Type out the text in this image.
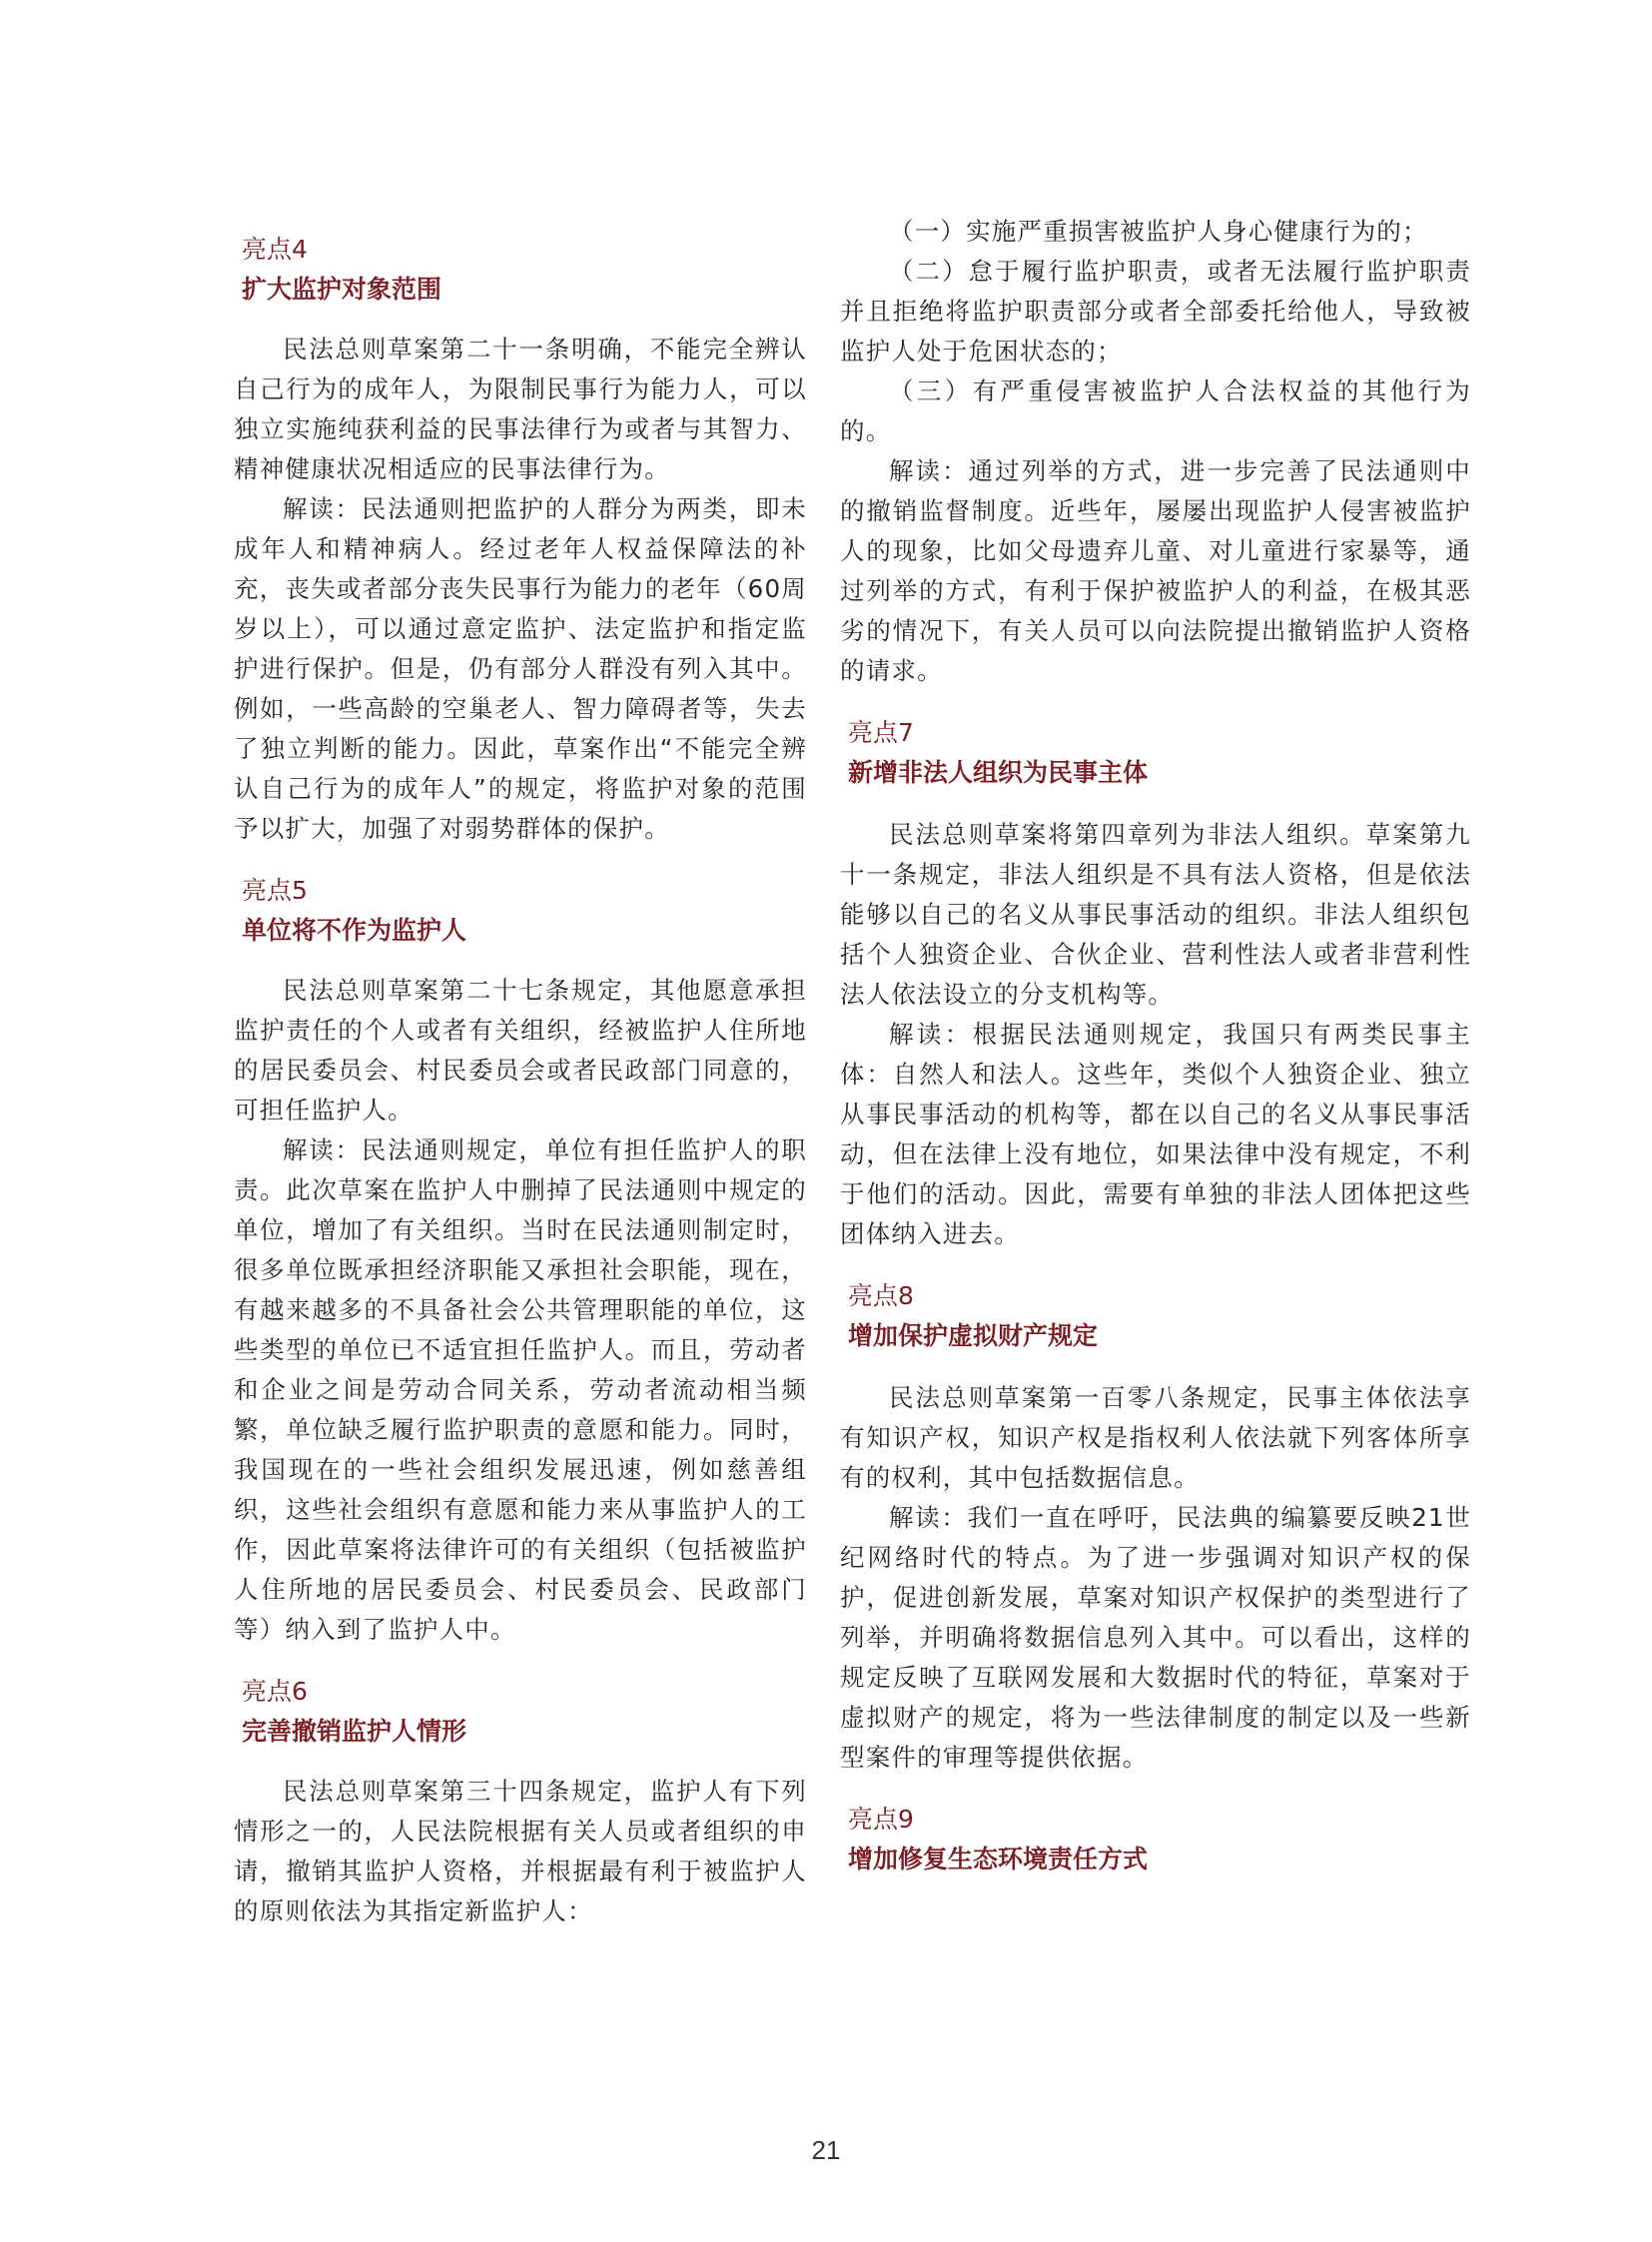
亮点4
扩大监护对象范围

民法总则草案第二十一条明确，不能完全辨认自己行为的成年人，为限制民事行为能力人，可以独立实施纯获利益的民事法律行为或者与其智力、精神健康状况相适应的民事法律行为。

解读：民法通则把监护的人群分为两类，即未成年人和精神病人。经过老年人权益保障法的补充，丧失或者部分丧失民事行为能力的老年（60周岁以上），可以通过意定监护、法定监护和指定监护进行保护。但是，仍有部分人群没有列入其中。例如，一些高龄的空巢老人、智力障碍者等，失去了独立判断的能力。因此，草案作出“不能完全辨认自己行为的成年人”的规定，将监护对象的范围予以扩大，加强了对弱势群体的保护。

亮点5
单位将不作为监护人

民法总则草案第二十七条规定，其他愿意承担监护责任的个人或者有关组织，经被监护人住所地的居民委员会、村民委员会或者民政部门同意的，可担任监护人。

解读：民法通则规定，单位有担任监护人的职责。此次草案在监护人中删掉了民法通则中规定的单位，增加了有关组织。当时在民法通则制定时，很多单位既承担经济职能又承担社会职能，现在，有越来越多的不具备社会公共管理职能的单位，这些类型的单位已不适宜担任监护人。而且，劳动者和企业之间是劳动合同关系，劳动者流动相当频繁，单位缺乏履行监护职责的意愿和能力。同时，我国现在的一些社会组织发展迅速，例如慈善组织，这些社会组织有意愿和能力来从事监护人的工作，因此草案将法律许可的有关组织（包括被监护人住所地的居民委员会、村民委员会、民政部门等）纳入到了监护人中。

亮点6
完善撤销监护人情形

民法总则草案第三十四条规定，监护人有下列情形之一的，人民法院根据有关人员或者组织的申请，撤销其监护人资格，并根据最有利于被监护人的原则依法为其指定新监护人：

（一）实施严重损害被监护人身心健康行为的；

（二）怠于履行监护职责，或者无法履行监护职责并且拒绝将监护职责部分或者全部委托给他人，导致被监护人处于危困状态的；

（三）有严重侵害被监护人合法权益的其他行为的。

解读：通过列举的方式，进一步完善了民法通则中的撤销监督制度。近些年，屡屡出现监护人侵害被监护人的现象，比如父母遗弃儿童、对儿童进行家暴等，通过列举的方式，有利于保护被监护人的利益，在极其恶劣的情况下，有关人员可以向法院提出撤销监护人资格的请求。

亮点7
新增非法人组织为民事主体

民法总则草案将第四章列为非法人组织。草案第九十一条规定，非法人组织是不具有法人资格，但是依法能够以自己的名义从事民事活动的组织。非法人组织包括个人独资企业、合伙企业、营利性法人或者非营利性法人依法设立的分支机构等。

解读：根据民法通则规定，我国只有两类民事主体：自然人和法人。这些年，类似个人独资企业、独立从事民事活动的机构等，都在以自己的名义从事民事活动，但在法律上没有地位，如果法律中没有规定，不利于他们的活动。因此，需要有单独的非法人团体把这些团体纳入进去。

亮点8
增加保护虚拟财产规定

民法总则草案第一百零八条规定，民事主体依法享有知识产权，知识产权是指权利人依法就下列客体所享有的权利，其中包括数据信息。

解读：我们一直在呼吁，民法典的编纂要反映21世纪网络时代的特点。为了进一步强调对知识产权的保护，促进创新发展，草案对知识产权保护的类型进行了列举，并明确将数据信息列入其中。可以看出，这样的规定反映了互联网发展和大数据时代的特征，草案对于虚拟财产的规定，将为一些法律制度的制定以及一些新型案件的审理等提供依据。

亮点9
增加修复生态环境责任方式
21
